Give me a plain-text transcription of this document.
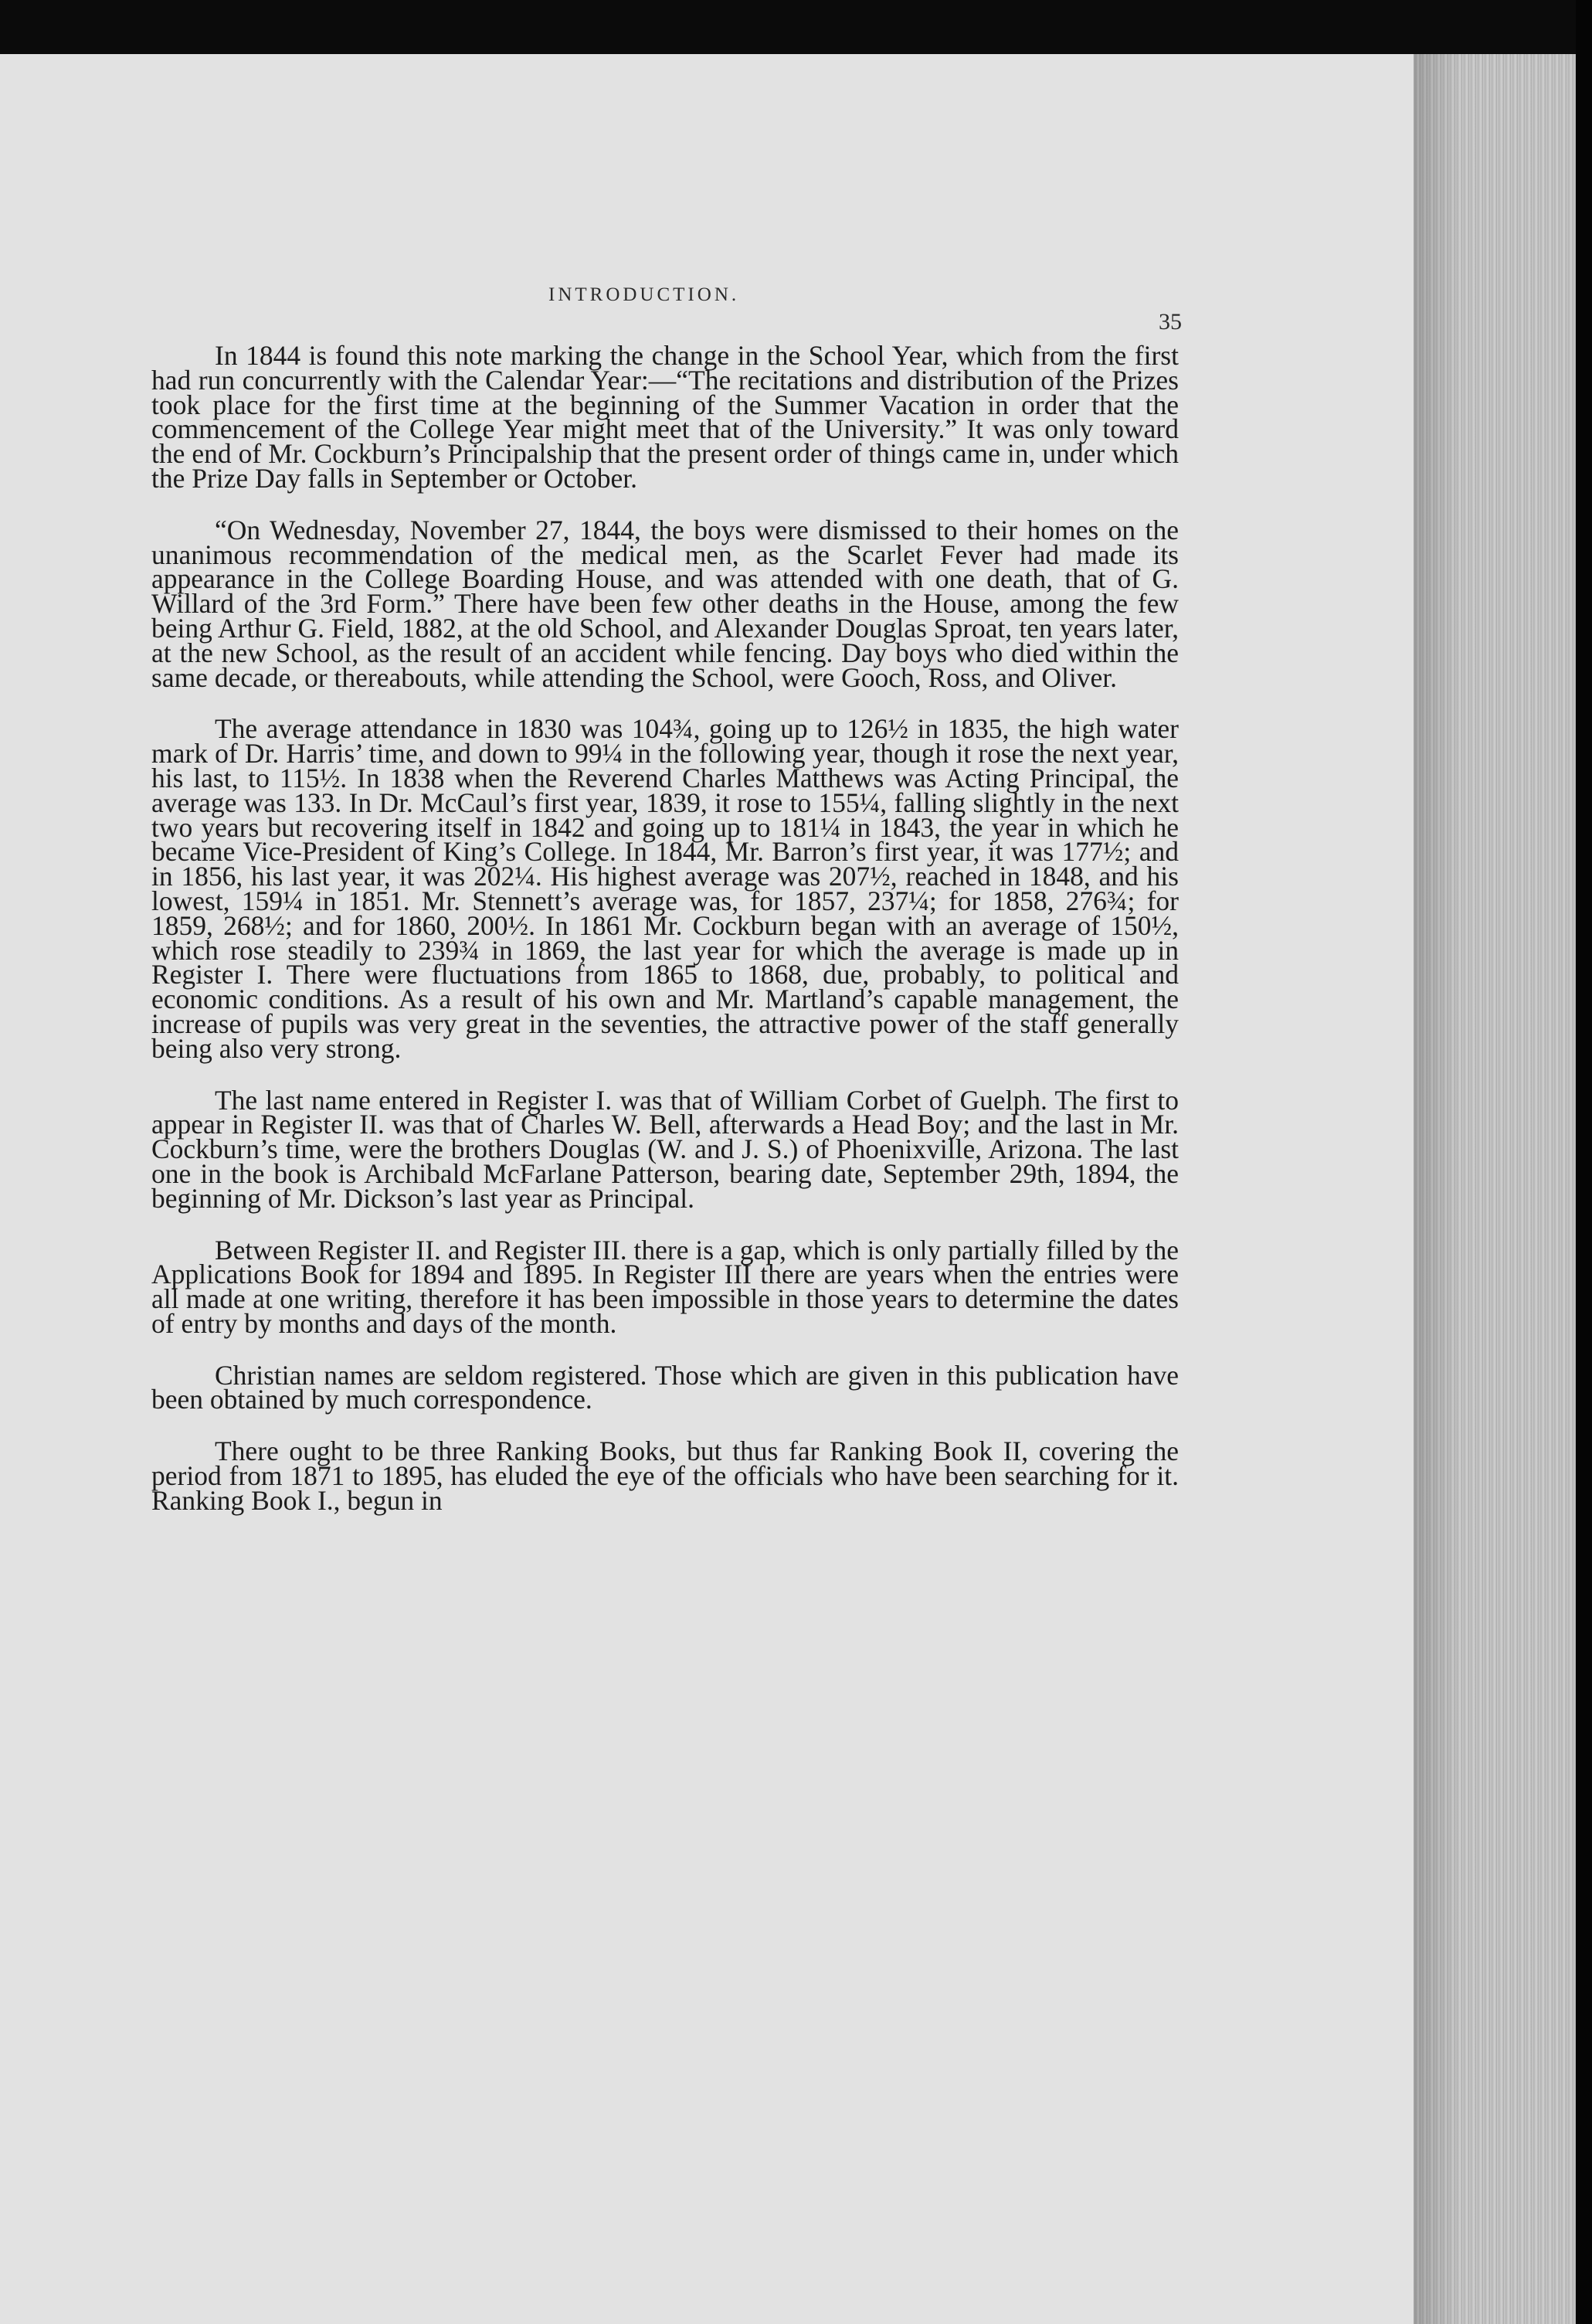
INTRODUCTION.
35

In 1844 is found this note marking the change in the School Year, which from the first had run concurrently with the Calendar Year:—“The recitations and distribution of the Prizes took place for the first time at the beginning of the Summer Vacation in order that the commencement of the College Year might meet that of the University.” It was only toward the end of Mr. Cockburn’s Principalship that the present order of things came in, under which the Prize Day falls in September or October.

“On Wednesday, November 27, 1844, the boys were dismissed to their homes on the unanimous recommendation of the medical men, as the Scarlet Fever had made its appearance in the College Boarding House, and was attended with one death, that of G. Willard of the 3rd Form.” There have been few other deaths in the House, among the few being Arthur G. Field, 1882, at the old School, and Alexander Douglas Sproat, ten years later, at the new School, as the result of an accident while fencing. Day boys who died within the same decade, or thereabouts, while attending the School, were Gooch, Ross, and Oliver.

The average attendance in 1830 was 104¾, going up to 126½ in 1835, the high water mark of Dr. Harris’ time, and down to 99¼ in the following year, though it rose the next year, his last, to 115½. In 1838 when the Reverend Charles Matthews was Acting Principal, the average was 133. In Dr. McCaul’s first year, 1839, it rose to 155¼, falling slightly in the next two years but recovering itself in 1842 and going up to 181¼ in 1843, the year in which he became Vice-President of King’s College. In 1844, Mr. Barron’s first year, it was 177½; and in 1856, his last year, it was 202¼. His highest average was 207½, reached in 1848, and his lowest, 159¼ in 1851. Mr. Stennett’s average was, for 1857, 237¼; for 1858, 276¾; for 1859, 268½; and for 1860, 200½. In 1861 Mr. Cockburn began with an average of 150½, which rose steadily to 239¾ in 1869, the last year for which the average is made up in Register I. There were fluctuations from 1865 to 1868, due, probably, to political and economic conditions. As a result of his own and Mr. Martland’s capable management, the increase of pupils was very great in the seventies, the attractive power of the staff generally being also very strong.

The last name entered in Register I. was that of William Corbet of Guelph. The first to appear in Register II. was that of Charles W. Bell, afterwards a Head Boy; and the last in Mr. Cockburn’s time, were the brothers Douglas (W. and J. S.) of Phoenixville, Arizona. The last one in the book is Archibald McFarlane Patterson, bearing date, September 29th, 1894, the beginning of Mr. Dickson’s last year as Principal.

Between Register II. and Register III. there is a gap, which is only partially filled by the Applications Book for 1894 and 1895. In Register III there are years when the entries were all made at one writing, therefore it has been impossible in those years to determine the dates of entry by months and days of the month.

Christian names are seldom registered. Those which are given in this publication have been obtained by much correspondence.

There ought to be three Ranking Books, but thus far Ranking Book II, covering the period from 1871 to 1895, has eluded the eye of the officials who have been searching for it. Ranking Book I., begun in
